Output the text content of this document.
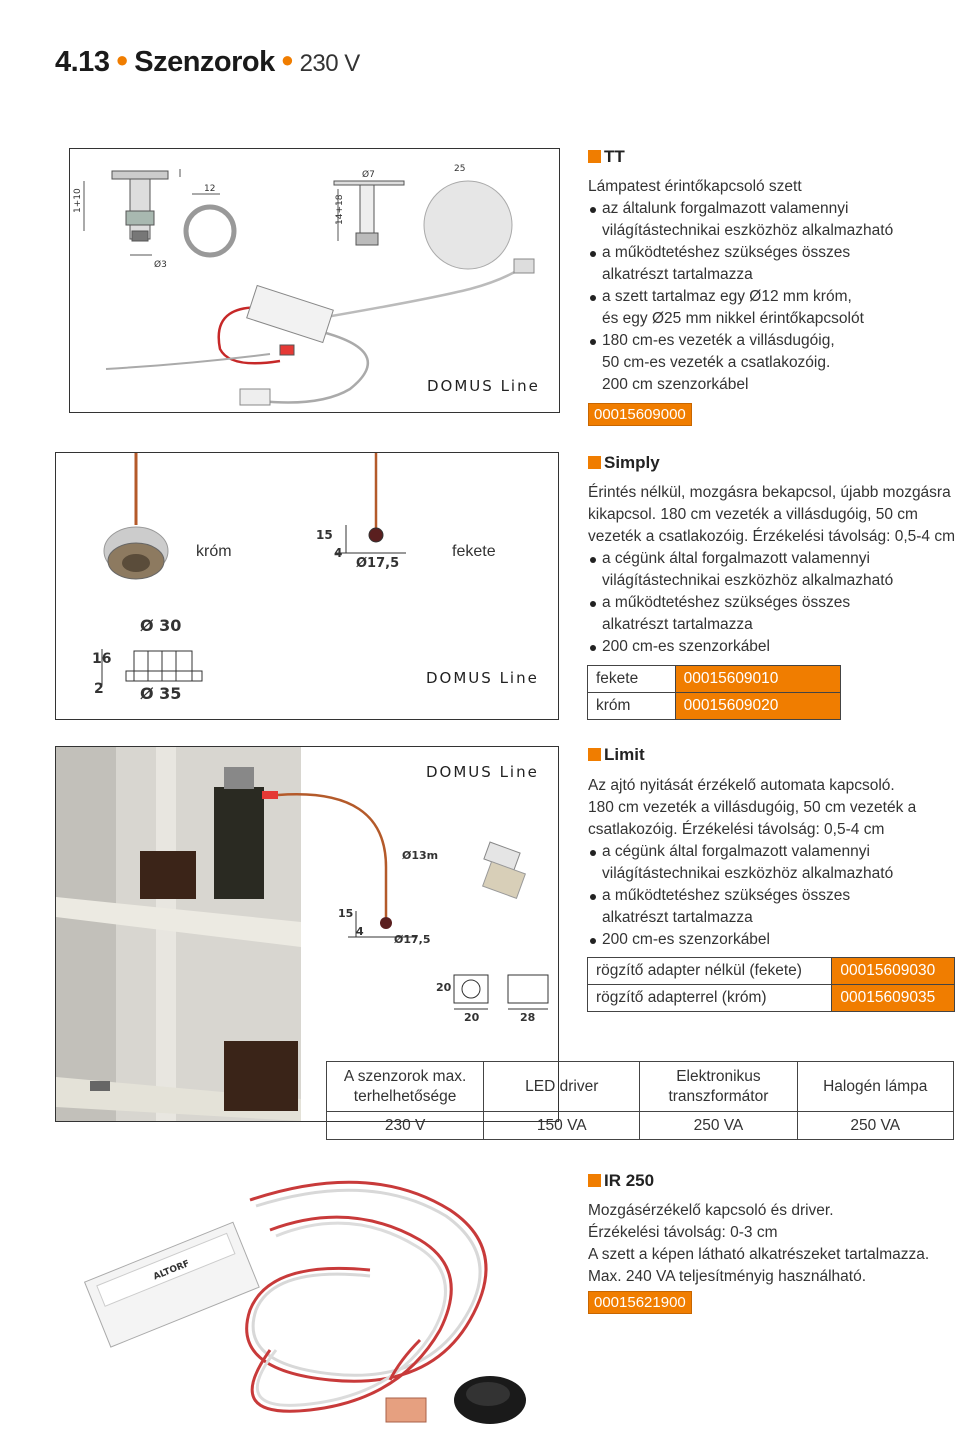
4.13 ● Szenzorok ● 230 V
1+10	12
Ø3
Ø7
25
14+18
DOMUS Line
TT
Lámpatest érintőkapcsoló szett
az általunk forgalmazott valamennyi
világítástechnikai eszközhöz alkalmazható
a működtetéshez szükséges összes
alkatrészt tartalmazza
a szett tartalmaz egy Ø12 mm króm,
és egy Ø25 mm nikkel érintőkapcsolót
180 cm-es vezeték a villásdugóig,
50 cm-es vezeték a csatlakozóig.
200 cm szenzorkábel
00015609000
Ø 30
Ø 35
2
16
15
4
Ø17,5
króm	fekete
DOMUS Line
Simply
Érintés nélkül, mozgásra bekapcsol, újabb mozgásra
kikapcsol. 180 cm vezeték a villásdugóig, 50 cm
vezeték a csatlakozóig. Érzékelési távolság: 0,5-4 cm
a cégünk által forgalmazott valamennyi
világítástechnikai eszközhöz alkalmazható
a működtetéshez szükséges összes
alkatrészt tartalmazza
200 cm-es szenzorkábel
fekete	00015609010
króm	00015609020
Ø13m
15
4
Ø17,5
20
20	28
DOMUS Line
Limit
Az ajtó nyitását érzékelő automata kapcsoló.
180 cm vezeték a villásdugóig, 50 cm vezeték a
csatlakozóig. Érzékelési távolság: 0,5-4 cm
a cégünk által forgalmazott valamennyi
világítástechnikai eszközhöz alkalmazható
a működtetéshez szükséges összes
alkatrészt tartalmazza
200 cm-es szenzorkábel
rögzítő adapter nélkül (fekete)	00015609030
rögzítő adapterrel (króm)	00015609035
A szenzorok max.
terhelhetősége	LED driver	Elektronikus
transzformátor	Halogén lámpa
230 V	150 VA	250 VA	250 VA
ALTORF
IR 250
Mozgásérzékelő kapcsoló és driver.
Érzékelési távolság: 0-3 cm
A szett a képen látható alkatrészeket tartalmazza.
Max. 240 VA teljesítményig használható.
00015621900
